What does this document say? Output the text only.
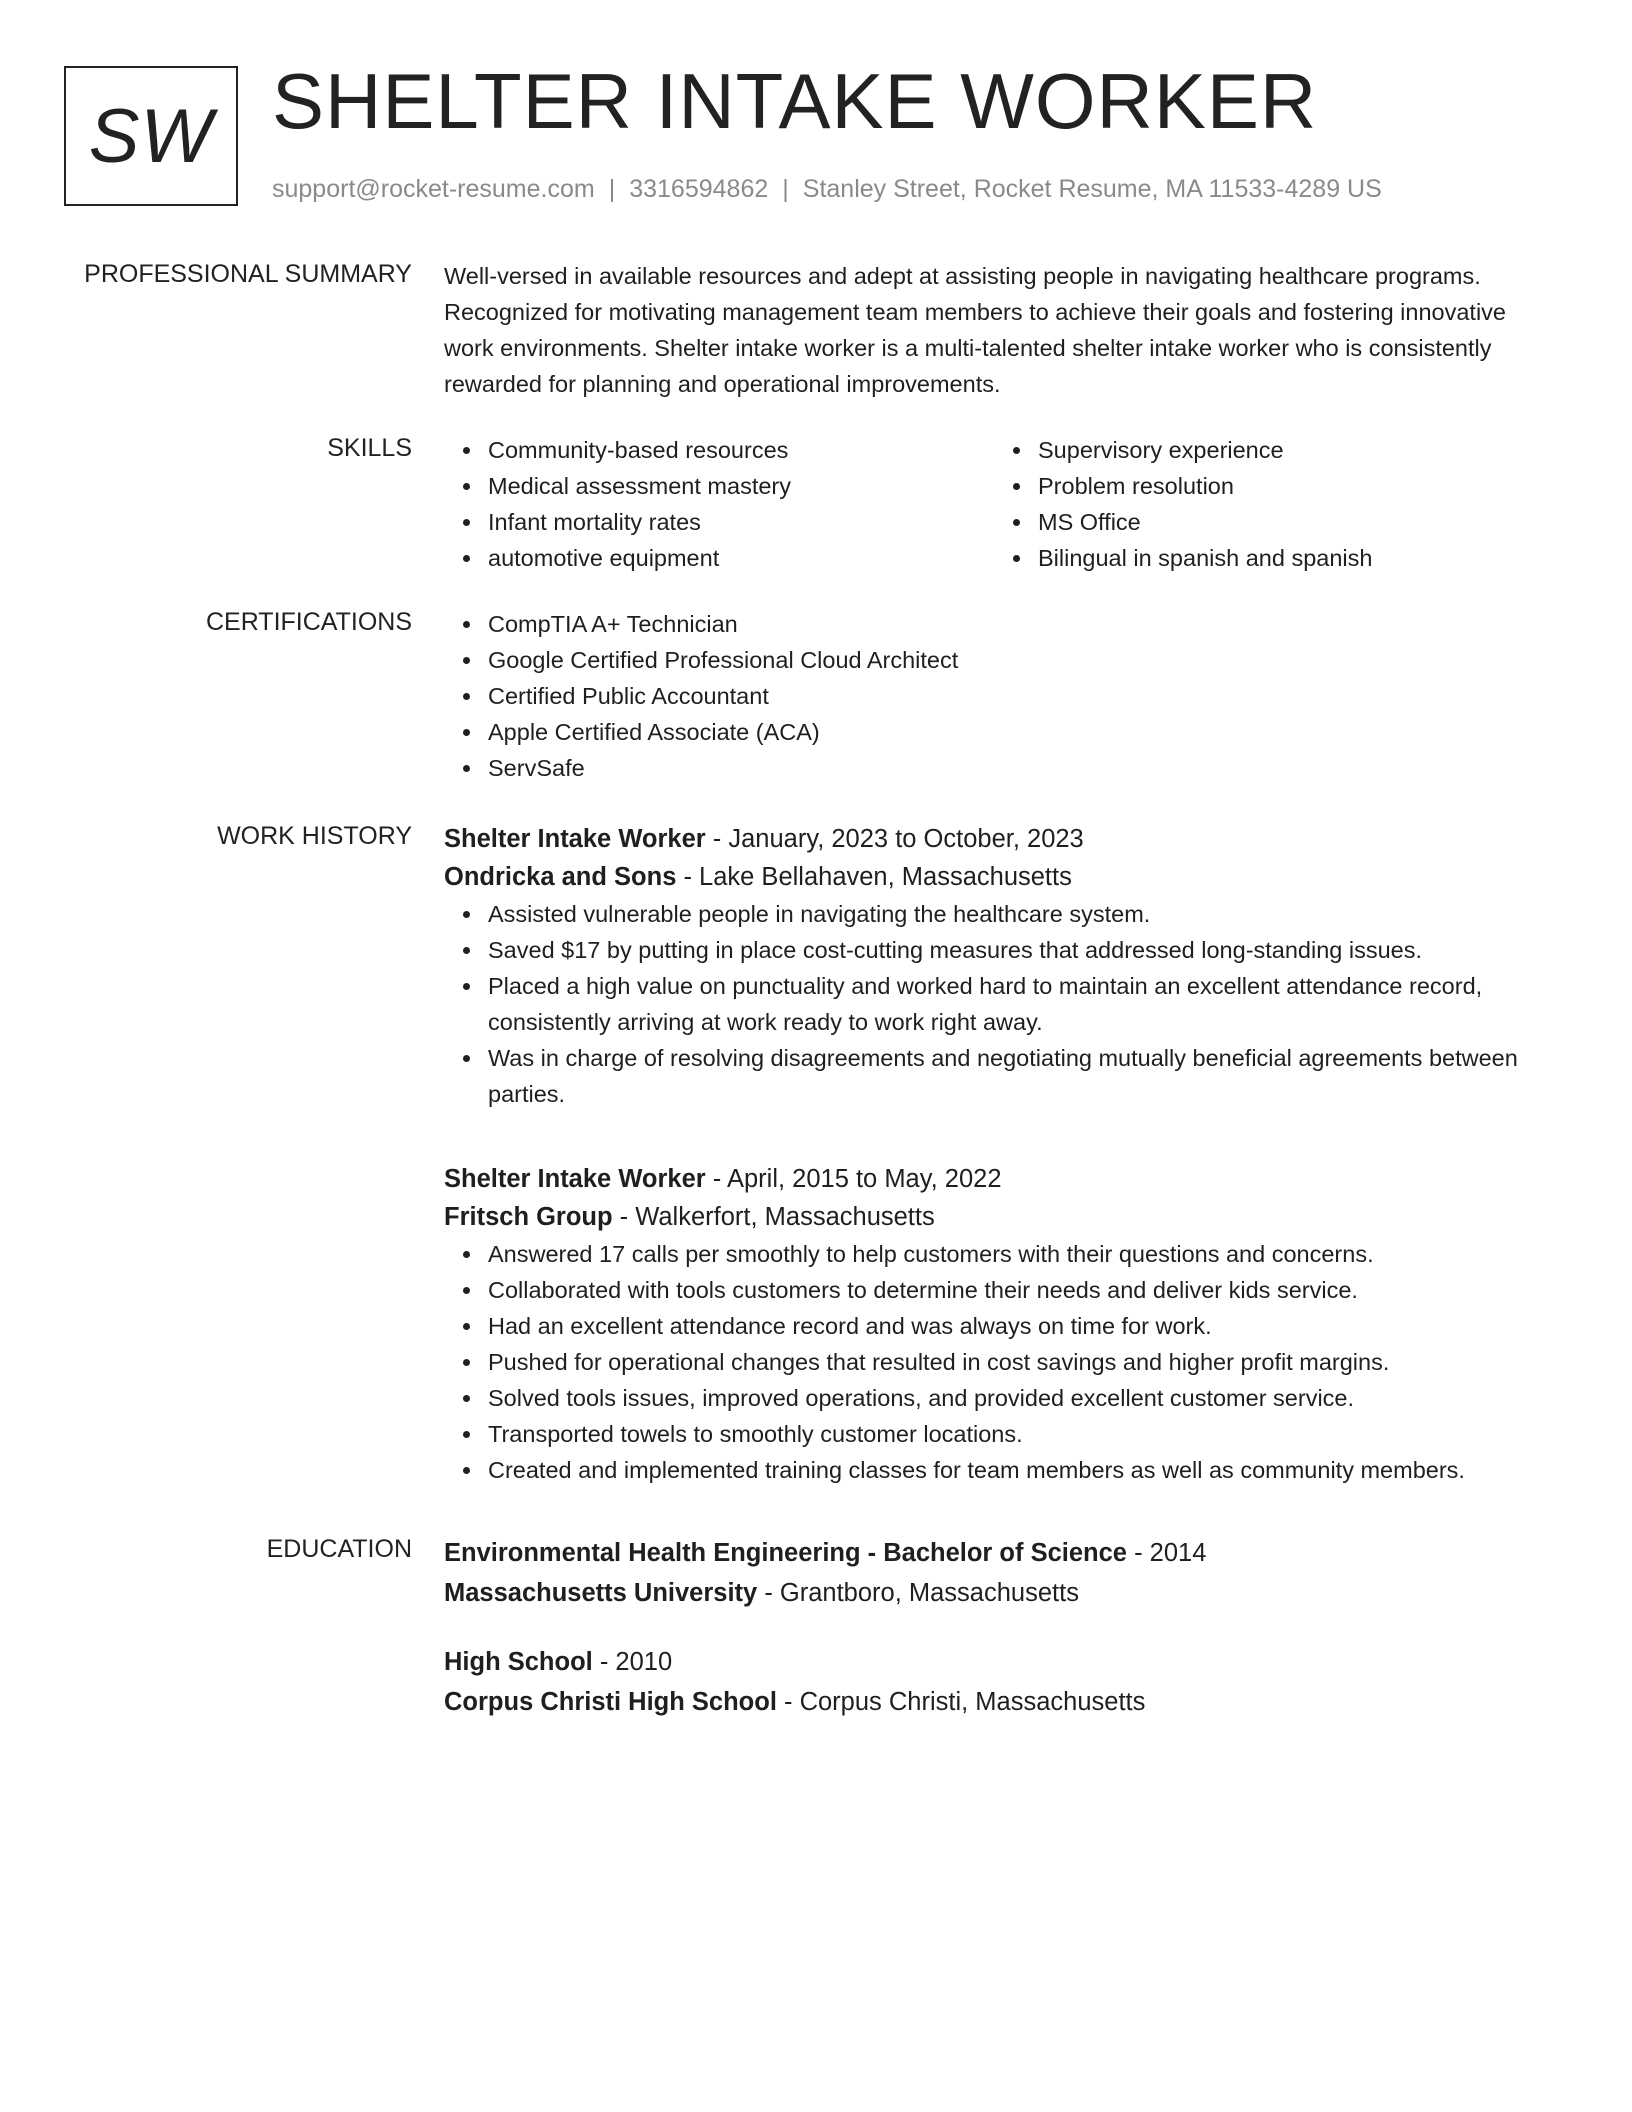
SW SHELTER INTAKE WORKER
support@rocket-resume.com | 3316594862 | Stanley Street, Rocket Resume, MA 11533-4289 US
PROFESSIONAL SUMMARY Well-versed in available resources and adept at assisting people in navigating healthcare programs. Recognized for motivating management team members to achieve their goals and fostering innovative work environments. Shelter intake worker is a multi-talented shelter intake worker who is consistently rewarded for planning and operational improvements.

SKILLS	Community-based resources
Medical assessment mastery
Infant mortality rates
automotive equipment
Supervisory experience
Problem resolution
MS Office
Bilingual in spanish and spanish
CERTIFICATIONS	CompTIA A+ Technician
Google Certified Professional Cloud Architect
Certified Public Accountant
Apple Certified Associate (ACA)
ServSafe
WORK HISTORY Shelter Intake Worker - January, 2023 to October, 2023
Ondricka and Sons - Lake Bellahaven, Massachusetts
Assisted vulnerable people in navigating the healthcare system.
Saved $17 by putting in place cost-cutting measures that addressed long-standing issues.
Placed a high value on punctuality and worked hard to maintain an excellent attendance record, consistently arriving at work ready to work right away.
Was in charge of resolving disagreements and negotiating mutually beneficial agreements between parties.
Shelter Intake Worker - April, 2015 to May, 2022
Fritsch Group - Walkerfort, Massachusetts
Answered 17 calls per smoothly to help customers with their questions and concerns.
Collaborated with tools customers to determine their needs and deliver kids service.
Had an excellent attendance record and was always on time for work.
Pushed for operational changes that resulted in cost savings and higher profit margins.
Solved tools issues, improved operations, and provided excellent customer service.
Transported towels to smoothly customer locations.
Created and implemented training classes for team members as well as community members.
EDUCATION Environmental Health Engineering - Bachelor of Science - 2014
Massachusetts University - Grantboro, Massachusetts
High School - 2010
Corpus Christi High School - Corpus Christi, Massachusetts
